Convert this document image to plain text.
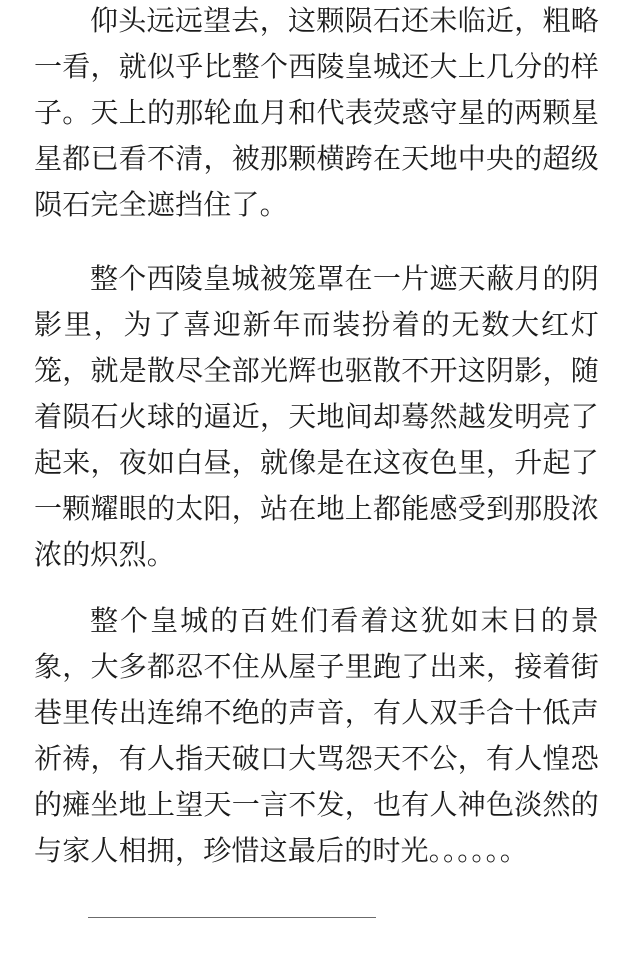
仰头远远望去，这颗陨石还未临近，粗略一看，就似乎比整个西陵皇城还大上几分的样子。天上的那轮血月和代表荧惑守星的两颗星星都已看不清，被那颗横跨在天地中央的超级陨石完全遮挡住了。

整个西陵皇城被笼罩在一片遮天蔽月的阴影里，为了喜迎新年而装扮着的无数大红灯笼，就是散尽全部光辉也驱散不开这阴影，随着陨石火球的逼近，天地间却蓦然越发明亮了起来，夜如白昼，就像是在这夜色里，升起了一颗耀眼的太阳，站在地上都能感受到那股浓浓的炽烈。

整个皇城的百姓们看着这犹如末日的景象，大多都忍不住从屋子里跑了出来，接着街巷里传出连绵不绝的声音，有人双手合十低声祈祷，有人指天破口大骂怨天不公，有人惶恐的瘫坐地上望天一言不发，也有人神色淡然的与家人相拥，珍惜这最后的时光。。。。。。
